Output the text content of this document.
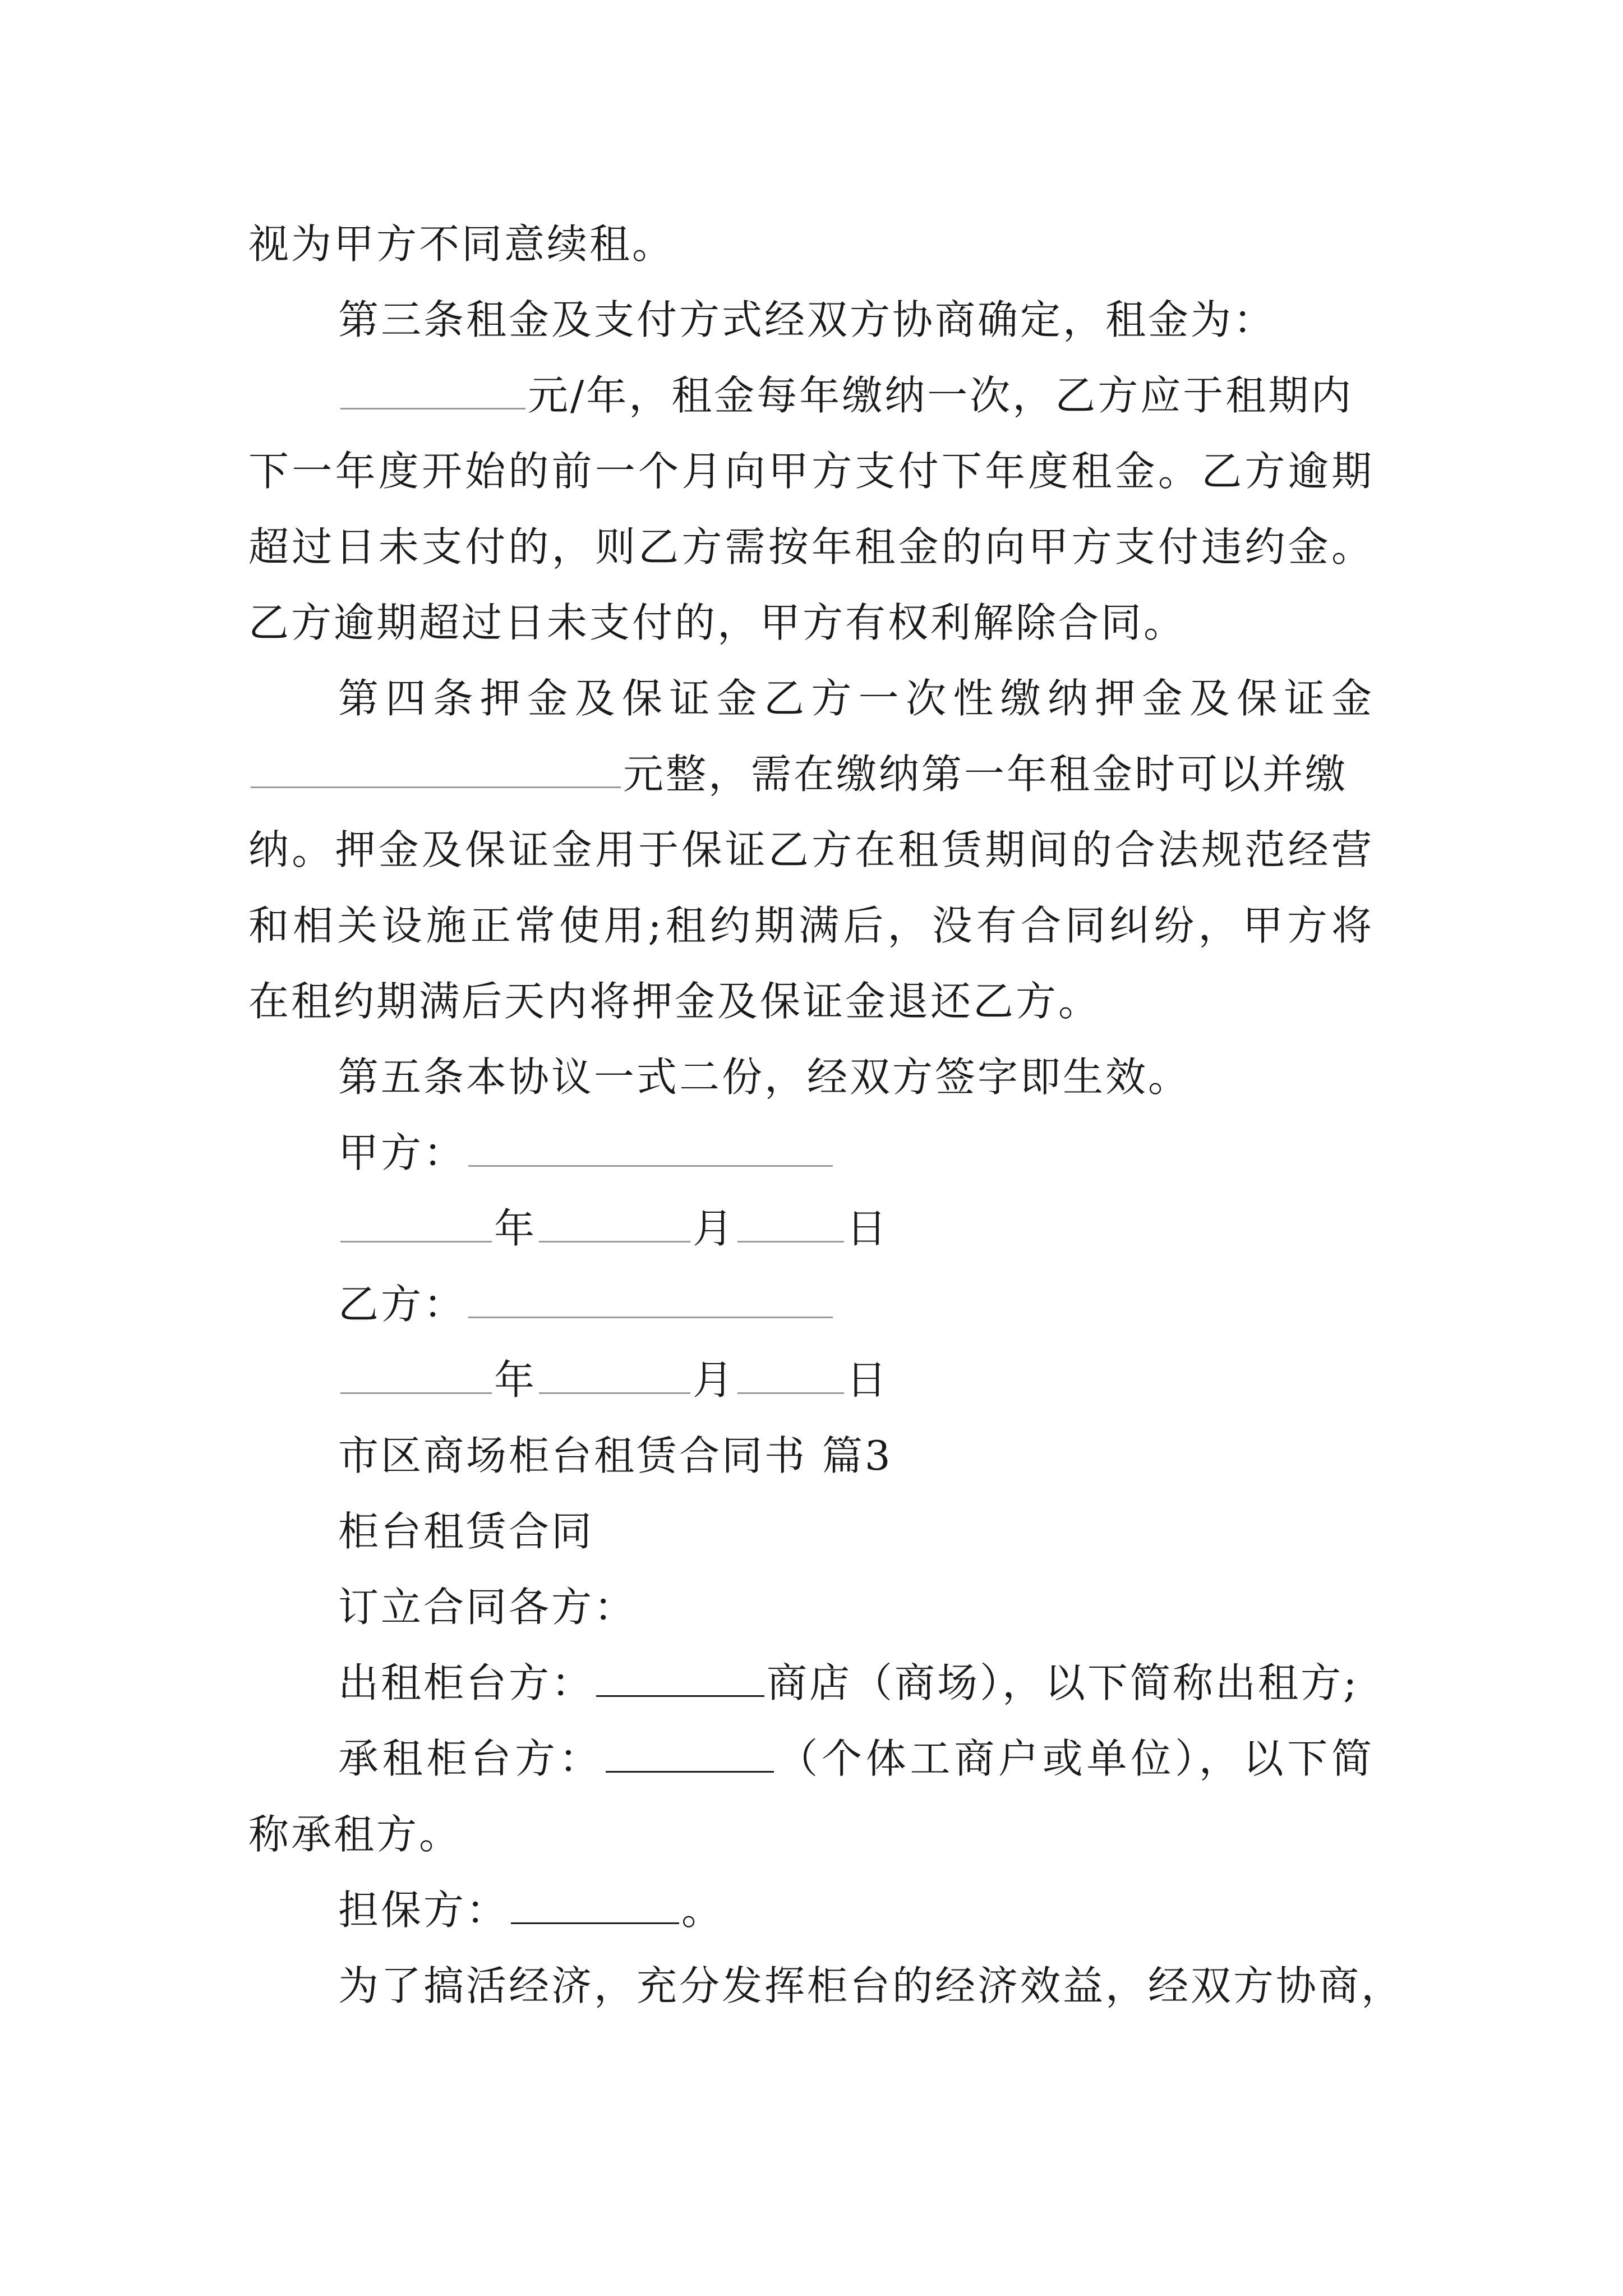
视为甲方不同意续租。
第三条租金及支付方式经双方协商确定，租金为：
元/年，租金每年缴纳一次，乙方应于租期内
下一年度开始的前一个月向甲方支付下年度租金。乙方逾期
超过日未支付的，则乙方需按年租金的向甲方支付违约金。
乙方逾期超过日未支付的，甲方有权利解除合同。
第四条押金及保证金乙方一次性缴纳押金及保证金
元整，需在缴纳第一年租金时可以并缴
纳。押金及保证金用于保证乙方在租赁期间的合法规范经营
和相关设施正常使用;租约期满后，没有合同纠纷，甲方将
在租约期满后天内将押金及保证金退还乙方。
第五条本协议一式二份，经双方签字即生效。
甲方：
年	月	日
乙方：
年	月	日
市区商场柜台租赁合同书 篇3
柜台租赁合同
订立合同各方：
出租柜台方：	商店（商场），以下简称出租方;
承租柜台方：	（个体工商户或单位），以下简
称承租方。
担保方：	。
为了搞活经济，充分发挥柜台的经济效益，经双方协商，
